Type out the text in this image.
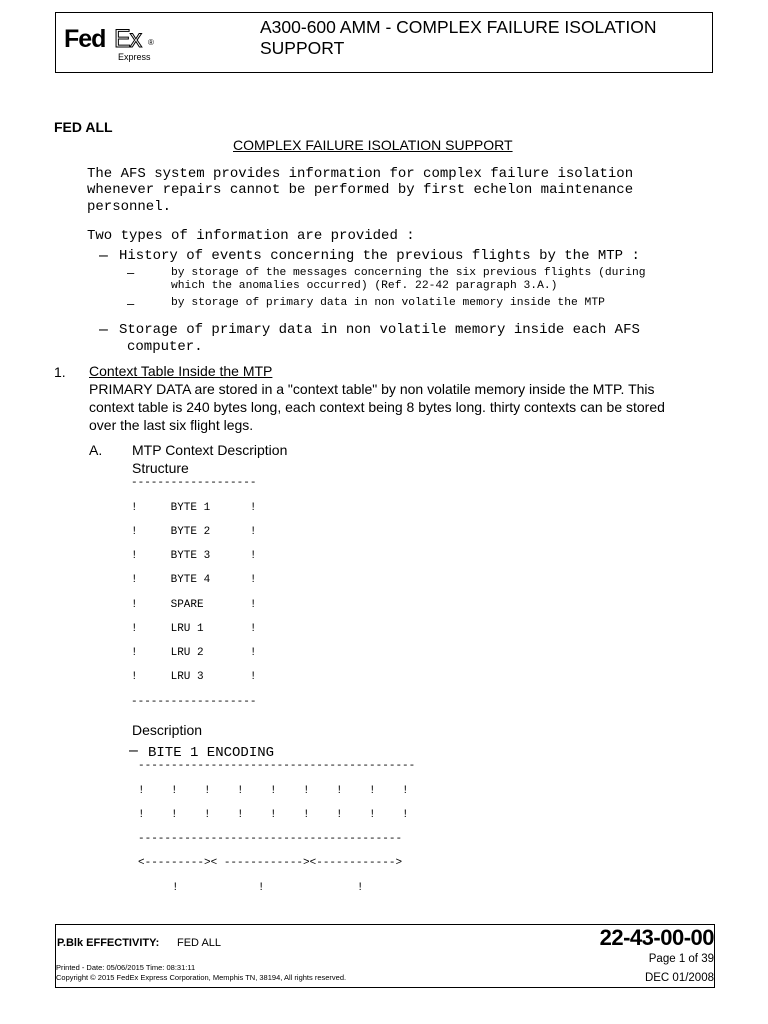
Fed Ex ®
Express
A300-600 AMM - COMPLEX FAILURE ISOLATION SUPPORT
FED ALL
COMPLEX FAILURE ISOLATION SUPPORT
The AFS system provides information for complex failure isolation
whenever repairs cannot be performed by first echelon maintenance
personnel.
Two types of information are provided :
– History of events concerning the previous flights by the MTP :
–	by storage of the messages concerning the six previous flights (during
which the anomalies occurred) (Ref. 22-42 paragraph 3.A.)
–	by storage of primary data in non volatile memory inside the MTP
– Storage of primary data in non volatile memory inside each AFS
computer.
1. Context Table Inside the MTP
PRIMARY DATA are stored in a "context table" by non volatile memory inside the MTP. This
context table is 240 bytes long, each context being 8 bytes long. thirty contexts can be stored
over the last six flight legs.
A. MTP Context Description
Structure
-------------------
!     BYTE 1      !
!     BYTE 2      !
!     BYTE 3      !
!     BYTE 4      !
!     SPARE       !
!     LRU 1       !
!     LRU 2       !
!     LRU 3       !
-------------------
Description
– BITE 1 ENCODING
------------------------------------------
!    !    !    !    !    !    !    !    !
!    !    !    !    !    !    !    !    !
----------------------------------------
<--------->< ------------><------------>
!            !              !
P.Blk EFFECTIVITY: FED ALL
Printed - Date: 05/06/2015 Time: 08:31:11
Copyright © 2015 FedEx Express Corporation, Memphis TN, 38194, All rights reserved.
22-43-00-00
Page 1 of 39
DEC 01/2008
